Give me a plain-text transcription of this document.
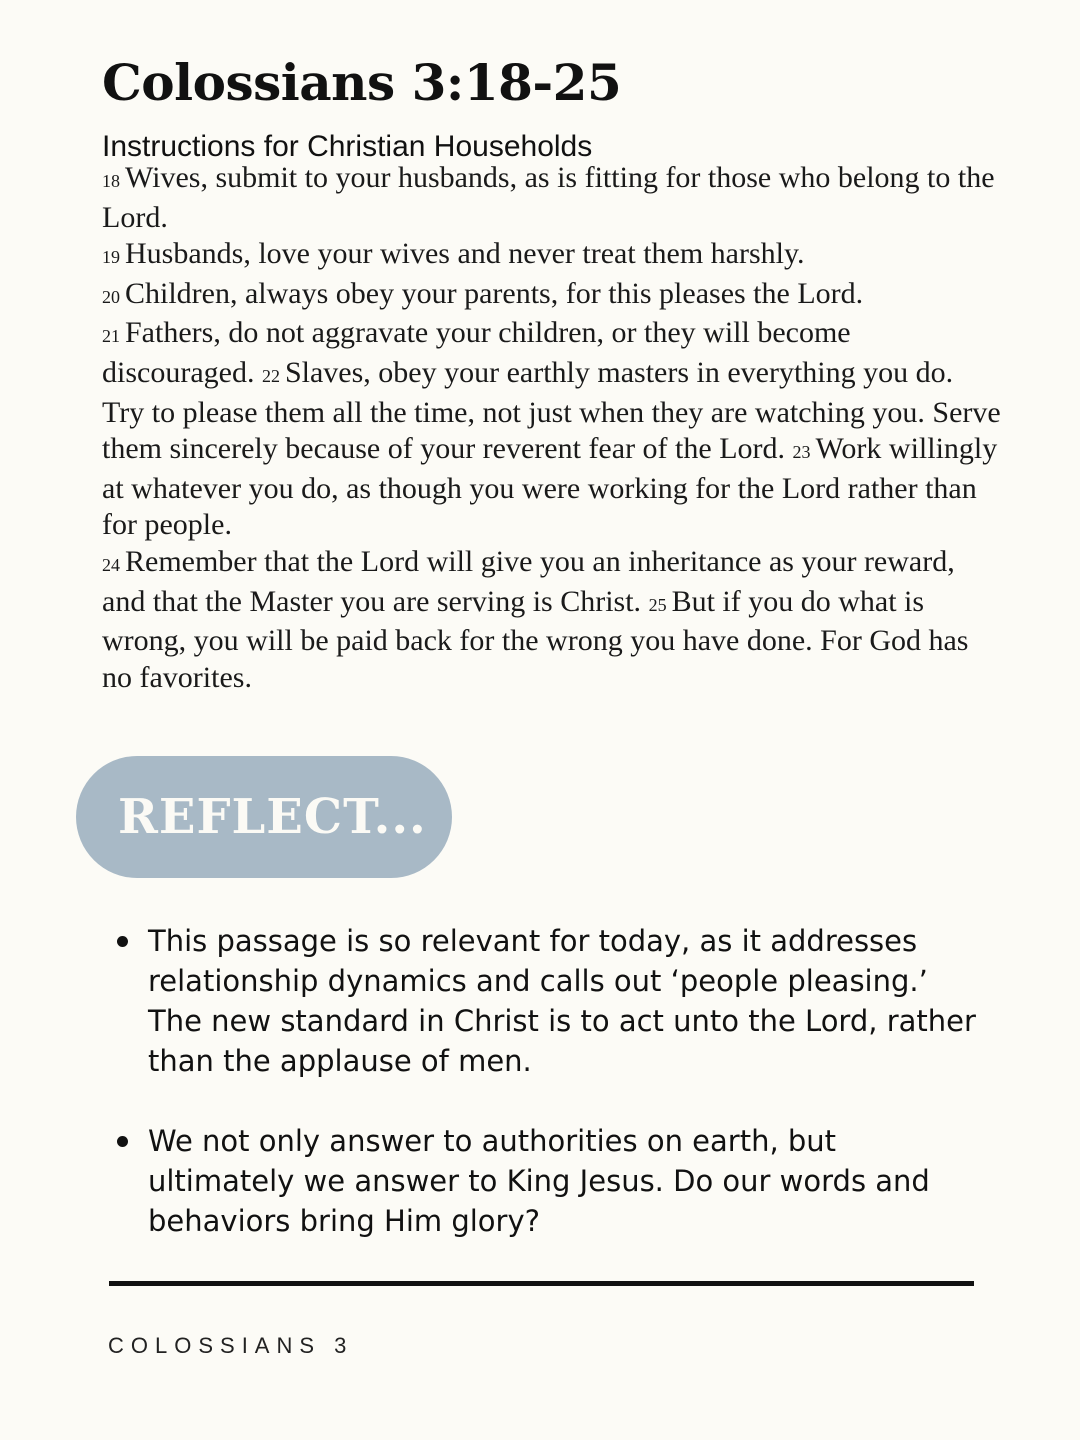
Colossians 3:18-25
Instructions for Christian Households

18 Wives, submit to your husbands, as is fitting for those who belong to the Lord.
19 Husbands, love your wives and never treat them harshly.
20 Children, always obey your parents, for this pleases the Lord.
21 Fathers, do not aggravate your children, or they will become discouraged. 22 Slaves, obey your earthly masters in everything you do. Try to please them all the time, not just when they are watching you. Serve them sincerely because of your reverent fear of the Lord. 23 Work willingly at whatever you do, as though you were working for the Lord rather than for people.
24 Remember that the Lord will give you an inheritance as your reward, and that the Master you are serving is Christ. 25 But if you do what is wrong, you will be paid back for the wrong you have done. For God has no favorites.

REFLECT...
This passage is so relevant for today, as it addresses relationship dynamics and calls out ‘people pleasing.’ The new standard in Christ is to act unto the Lord, rather than the applause of men.
We not only answer to authorities on earth, but ultimately we answer to King Jesus. Do our words and behaviors bring Him glory?
COLOSSIANS 3
